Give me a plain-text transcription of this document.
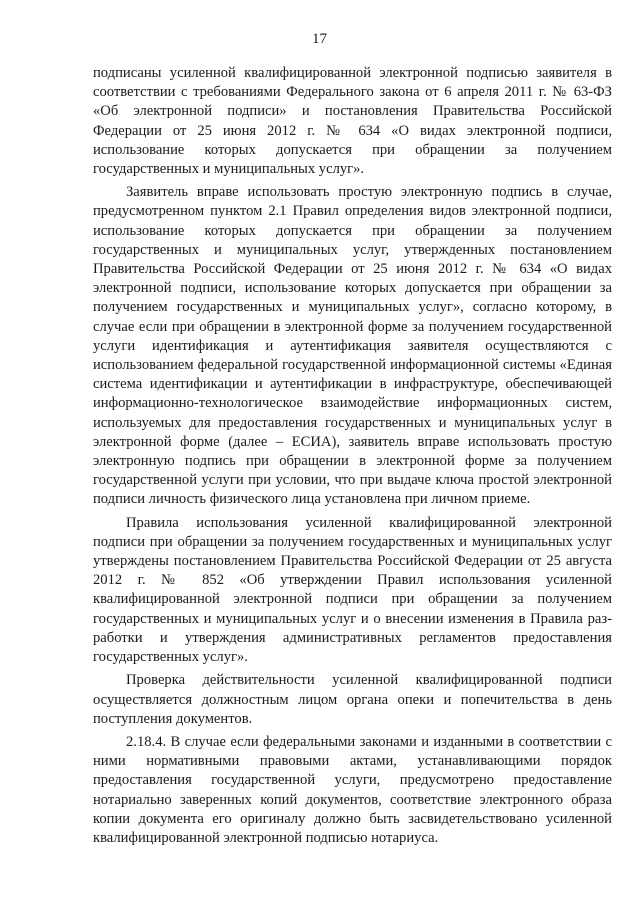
17

подписаны усиленной квалифицированной электронной подписью заявителя в соответствии с требованиями Федерального закона от 6 апреля 2011 г. № 63-ФЗ «Об электронной подписи» и постановления Правительства Российской Федерации от 25 июня 2012 г. № 634 «О видах электронной подписи, использование которых допускается при обращении за получением государственных и муниципальных услуг».

Заявитель вправе использовать простую электронную подпись в случае, предусмотренном пунктом 2.1 Правил определения видов электронной подписи, использование которых допускается при обращении за получением государственных и муниципальных услуг, утвержденных постановлением Правительства Российской Федерации от 25 июня 2012 г. № 634 «О видах электронной подписи, использование которых допускается при обращении за получением государственных и муниципальных услуг», согласно которому, в случае если при обращении в электронной форме за получением государственной услуги идентификация и аутентификация заявителя осуществляются с использованием федеральной государственной информационной системы «Единая система идентификации и аутентификации в инфраструктуре, обеспечивающей информационно-технологическое взаимодействие информационных систем, используемых для предоставления государственных и муниципальных услуг в электронной форме (далее – ЕСИА), заявитель вправе использовать простую электронную подпись при обращении в электронной форме за получением государственной услуги при условии, что при выдаче ключа простой электронной подписи личность физического лица установлена при личном приеме.

Правила использования усиленной квалифицированной электронной подписи при обращении за получением государственных и муниципальных услуг утверждены постановлением Правительства Российской Федерации от 25 августа 2012 г. № 852 «Об утверждении Правил использования усиленной квалифицированной электронной подписи при обращении за получением государственных и муниципальных услуг и о внесении изменения в Правила раз-работки и утверждения административных регламентов предоставления государственных услуг».

Проверка действительности усиленной квалифицированной подписи осуществляется должностным лицом органа опеки и попечительства в день поступления документов.

2.18.4. В случае если федеральными законами и изданными в соответствии с ними нормативными правовыми актами, устанавливающими порядок предоставления государственной услуги, предусмотрено предоставление нотариально заверенных копий документов, соответствие электронного образа копии документа его оригиналу должно быть засвидетельствовано усиленной квалифицированной электронной подписью нотариуса.
